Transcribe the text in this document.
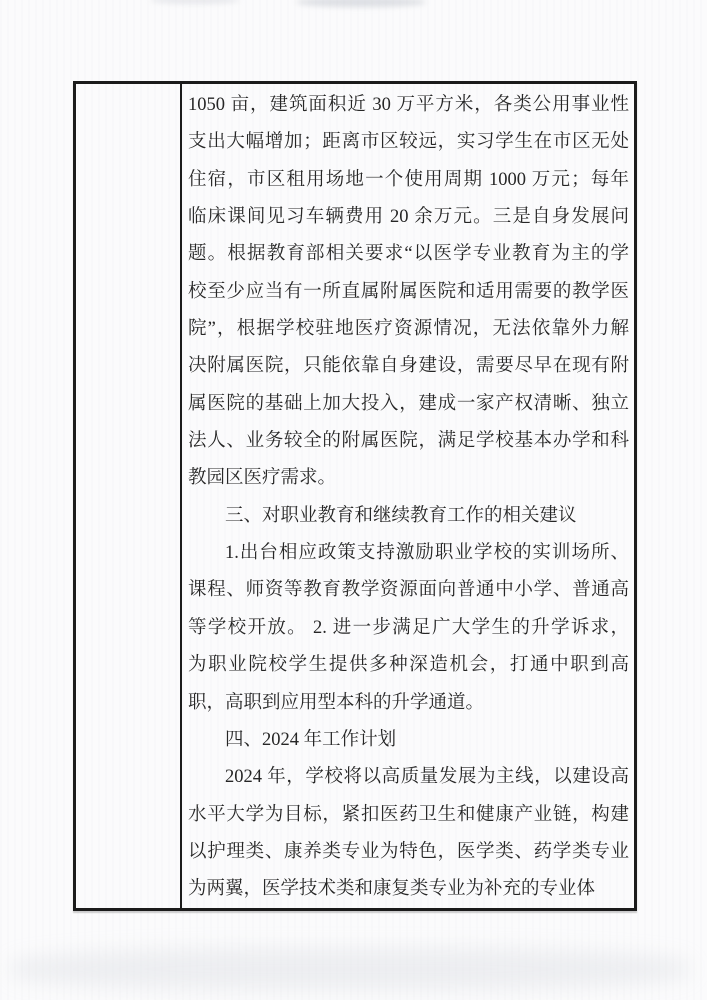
1050 亩，建筑面积近 30 万平方米，各类公用事业性
支出大幅增加；距离市区较远，实习学生在市区无处
住宿，市区租用场地一个使用周期 1000 万元；每年
临床课间见习车辆费用 20 余万元。三是自身发展问
题。根据教育部相关要求“以医学专业教育为主的学
校至少应当有一所直属附属医院和适用需要的教学医
院”，根据学校驻地医疗资源情况，无法依靠外力解
决附属医院，只能依靠自身建设，需要尽早在现有附
属医院的基础上加大投入，建成一家产权清晰、独立
法人、业务较全的附属医院，满足学校基本办学和科
教园区医疗需求。
三、对职业教育和继续教育工作的相关建议
1.出台相应政策支持激励职业学校的实训场所、
课程、师资等教育教学资源面向普通中小学、普通高
等学校开放。 2. 进一步满足广大学生的升学诉求，
为职业院校学生提供多种深造机会，打通中职到高
职，高职到应用型本科的升学通道。
四、2024 年工作计划
2024 年，学校将以高质量发展为主线，以建设高
水平大学为目标，紧扣医药卫生和健康产业链，构建
以护理类、康养类专业为特色，医学类、药学类专业
为两翼，医学技术类和康复类专业为补充的专业体
